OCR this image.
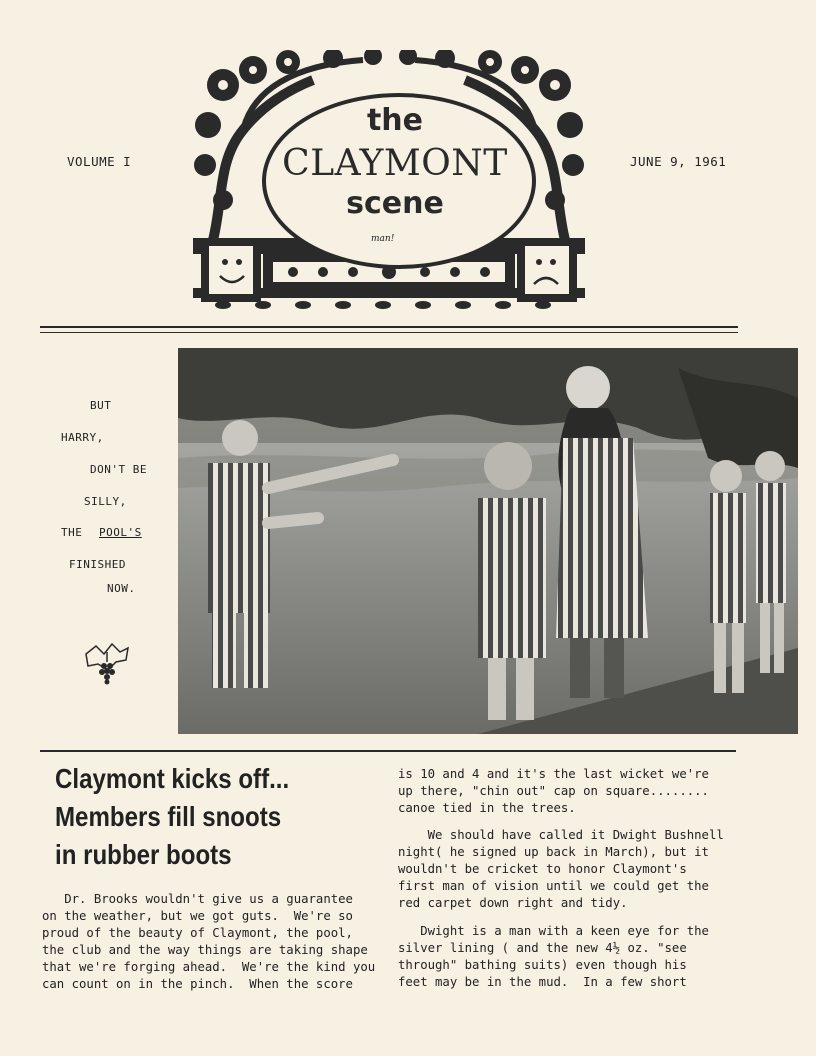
VOLUME I	JUNE 9, 1961
the
CLAYMONT
scene
man!
BUT
HARRY,
DON'T BE
SILLY,
THE POOL'S
FINISHED
NOW.
Claymont kicks off...
Members fill snoots
in rubber boots
Dr. Brooks wouldn't give us a guarantee
on the weather, but we got guts.  We're so
proud of the beauty of Claymont, the pool,
the club and the way things are taking shape
that we're forging ahead.  We're the kind you
can count on in the pinch.  When the score
is 10 and 4 and it's the last wicket we're
up there, "chin out" cap on square........
canoe tied in the trees.
We should have called it Dwight Bushnell
night( he signed up back in March), but it
wouldn't be cricket to honor Claymont's
first man of vision until we could get the
red carpet down right and tidy.
Dwight is a man with a keen eye for the
silver lining ( and the new 4½ oz. "see
through" bathing suits) even though his
feet may be in the mud.  In a few short
